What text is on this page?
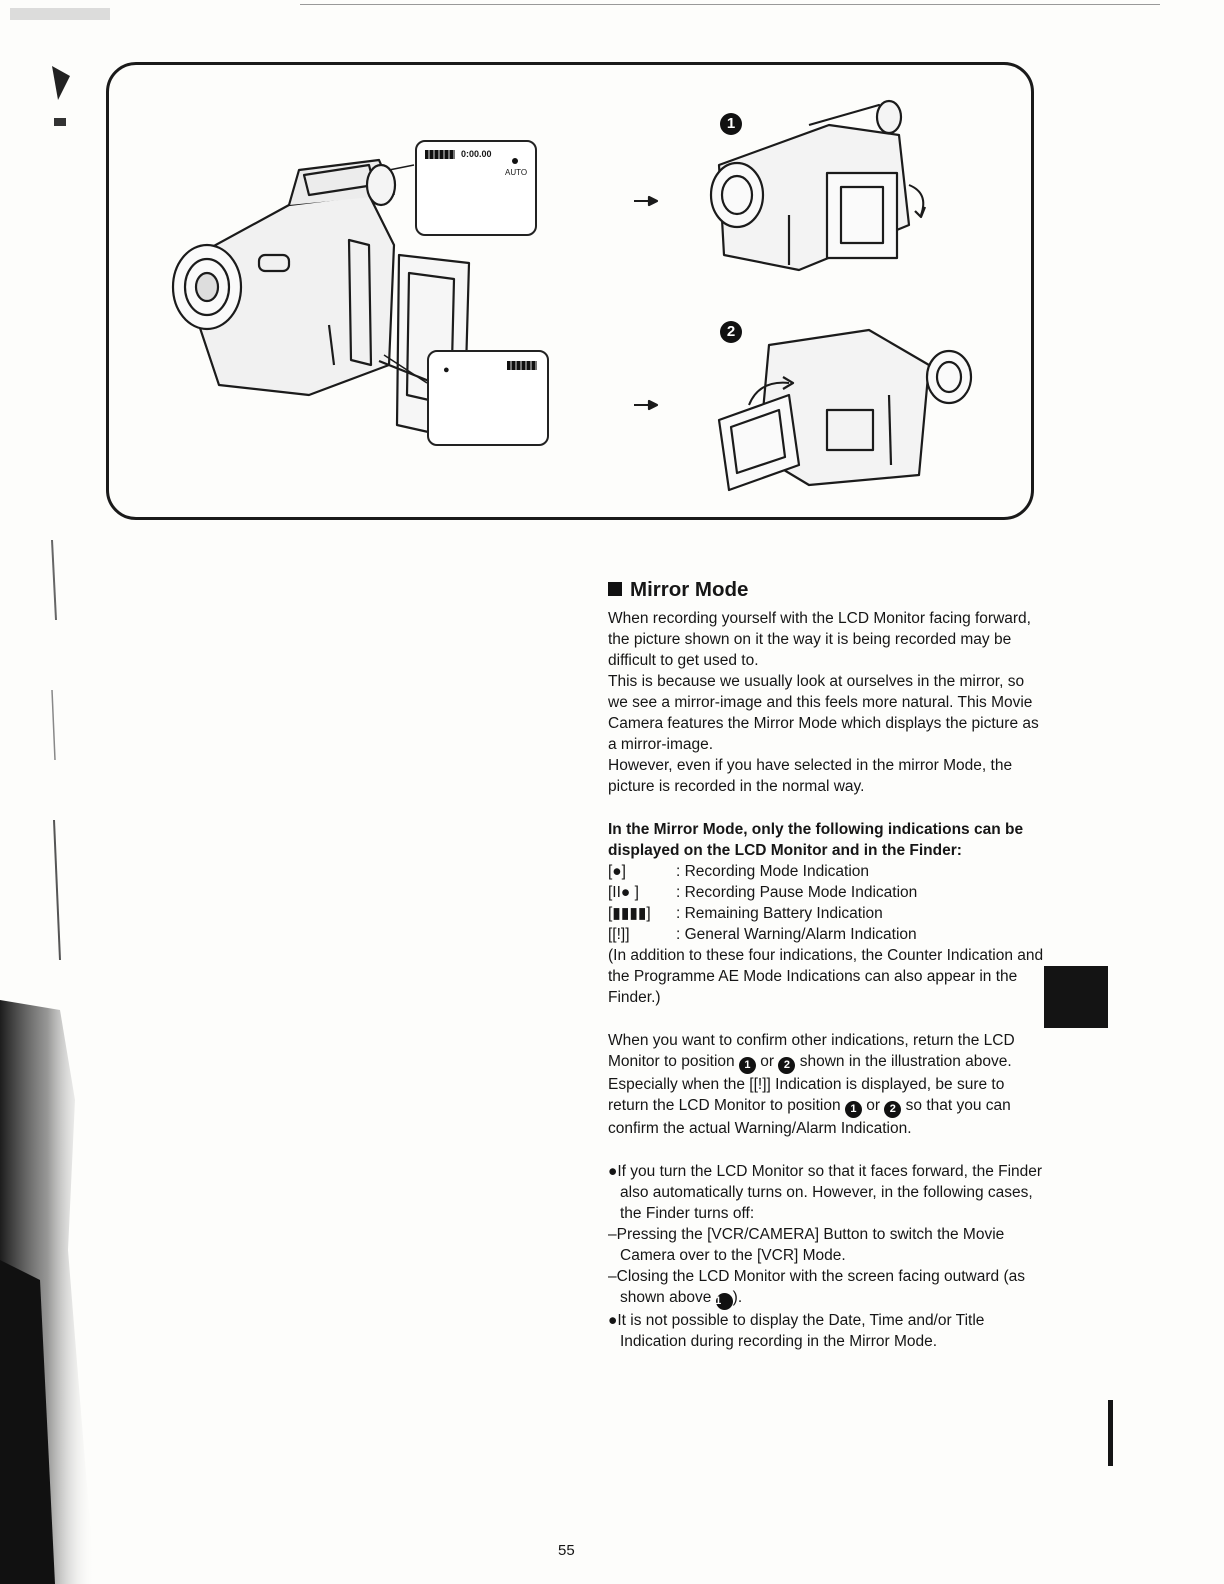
1
2
0:00.00
AUTO
●
Mirror Mode

When recording yourself with the LCD Monitor facing forward, the picture shown on it the way it is being recorded may be difficult to get used to.

This is because we usually look at ourselves in the mirror, so we see a mirror-image and this feels more natural. This Movie Camera features the Mirror Mode which displays the picture as a mirror-image.

However, even if you have selected in the mirror Mode, the picture is recorded in the normal way.

In the Mirror Mode, only the following indications can be displayed on the LCD Monitor and in the Finder:

[●]	: Recording Mode Indication
[II● ]	: Recording Pause Mode Indication
[▮▮▮▮]	: Remaining Battery Indication
[[!]]	: General Warning/Alarm Indication

(In addition to these four indications, the Counter Indication and the Programme AE Mode Indications can also appear in the Finder.)

When you want to confirm other indications, return the LCD Monitor to position 1 or 2 shown in the illustration above.

Especially when the [[!]] Indication is displayed, be sure to return the LCD Monitor to position 1 or 2 so that you can confirm the actual Warning/Alarm Indication.

●If you turn the LCD Monitor so that it faces forward, the Finder also automatically turns on. However, in the following cases, the Finder turns off:

–Pressing the [VCR/CAMERA] Button to switch the Movie Camera over to the [VCR] Mode.

–Closing the LCD Monitor with the screen facing outward (as shown above 1 ).

●It is not possible to display the Date, Time and/or Title Indication during recording in the Mirror Mode.

55
